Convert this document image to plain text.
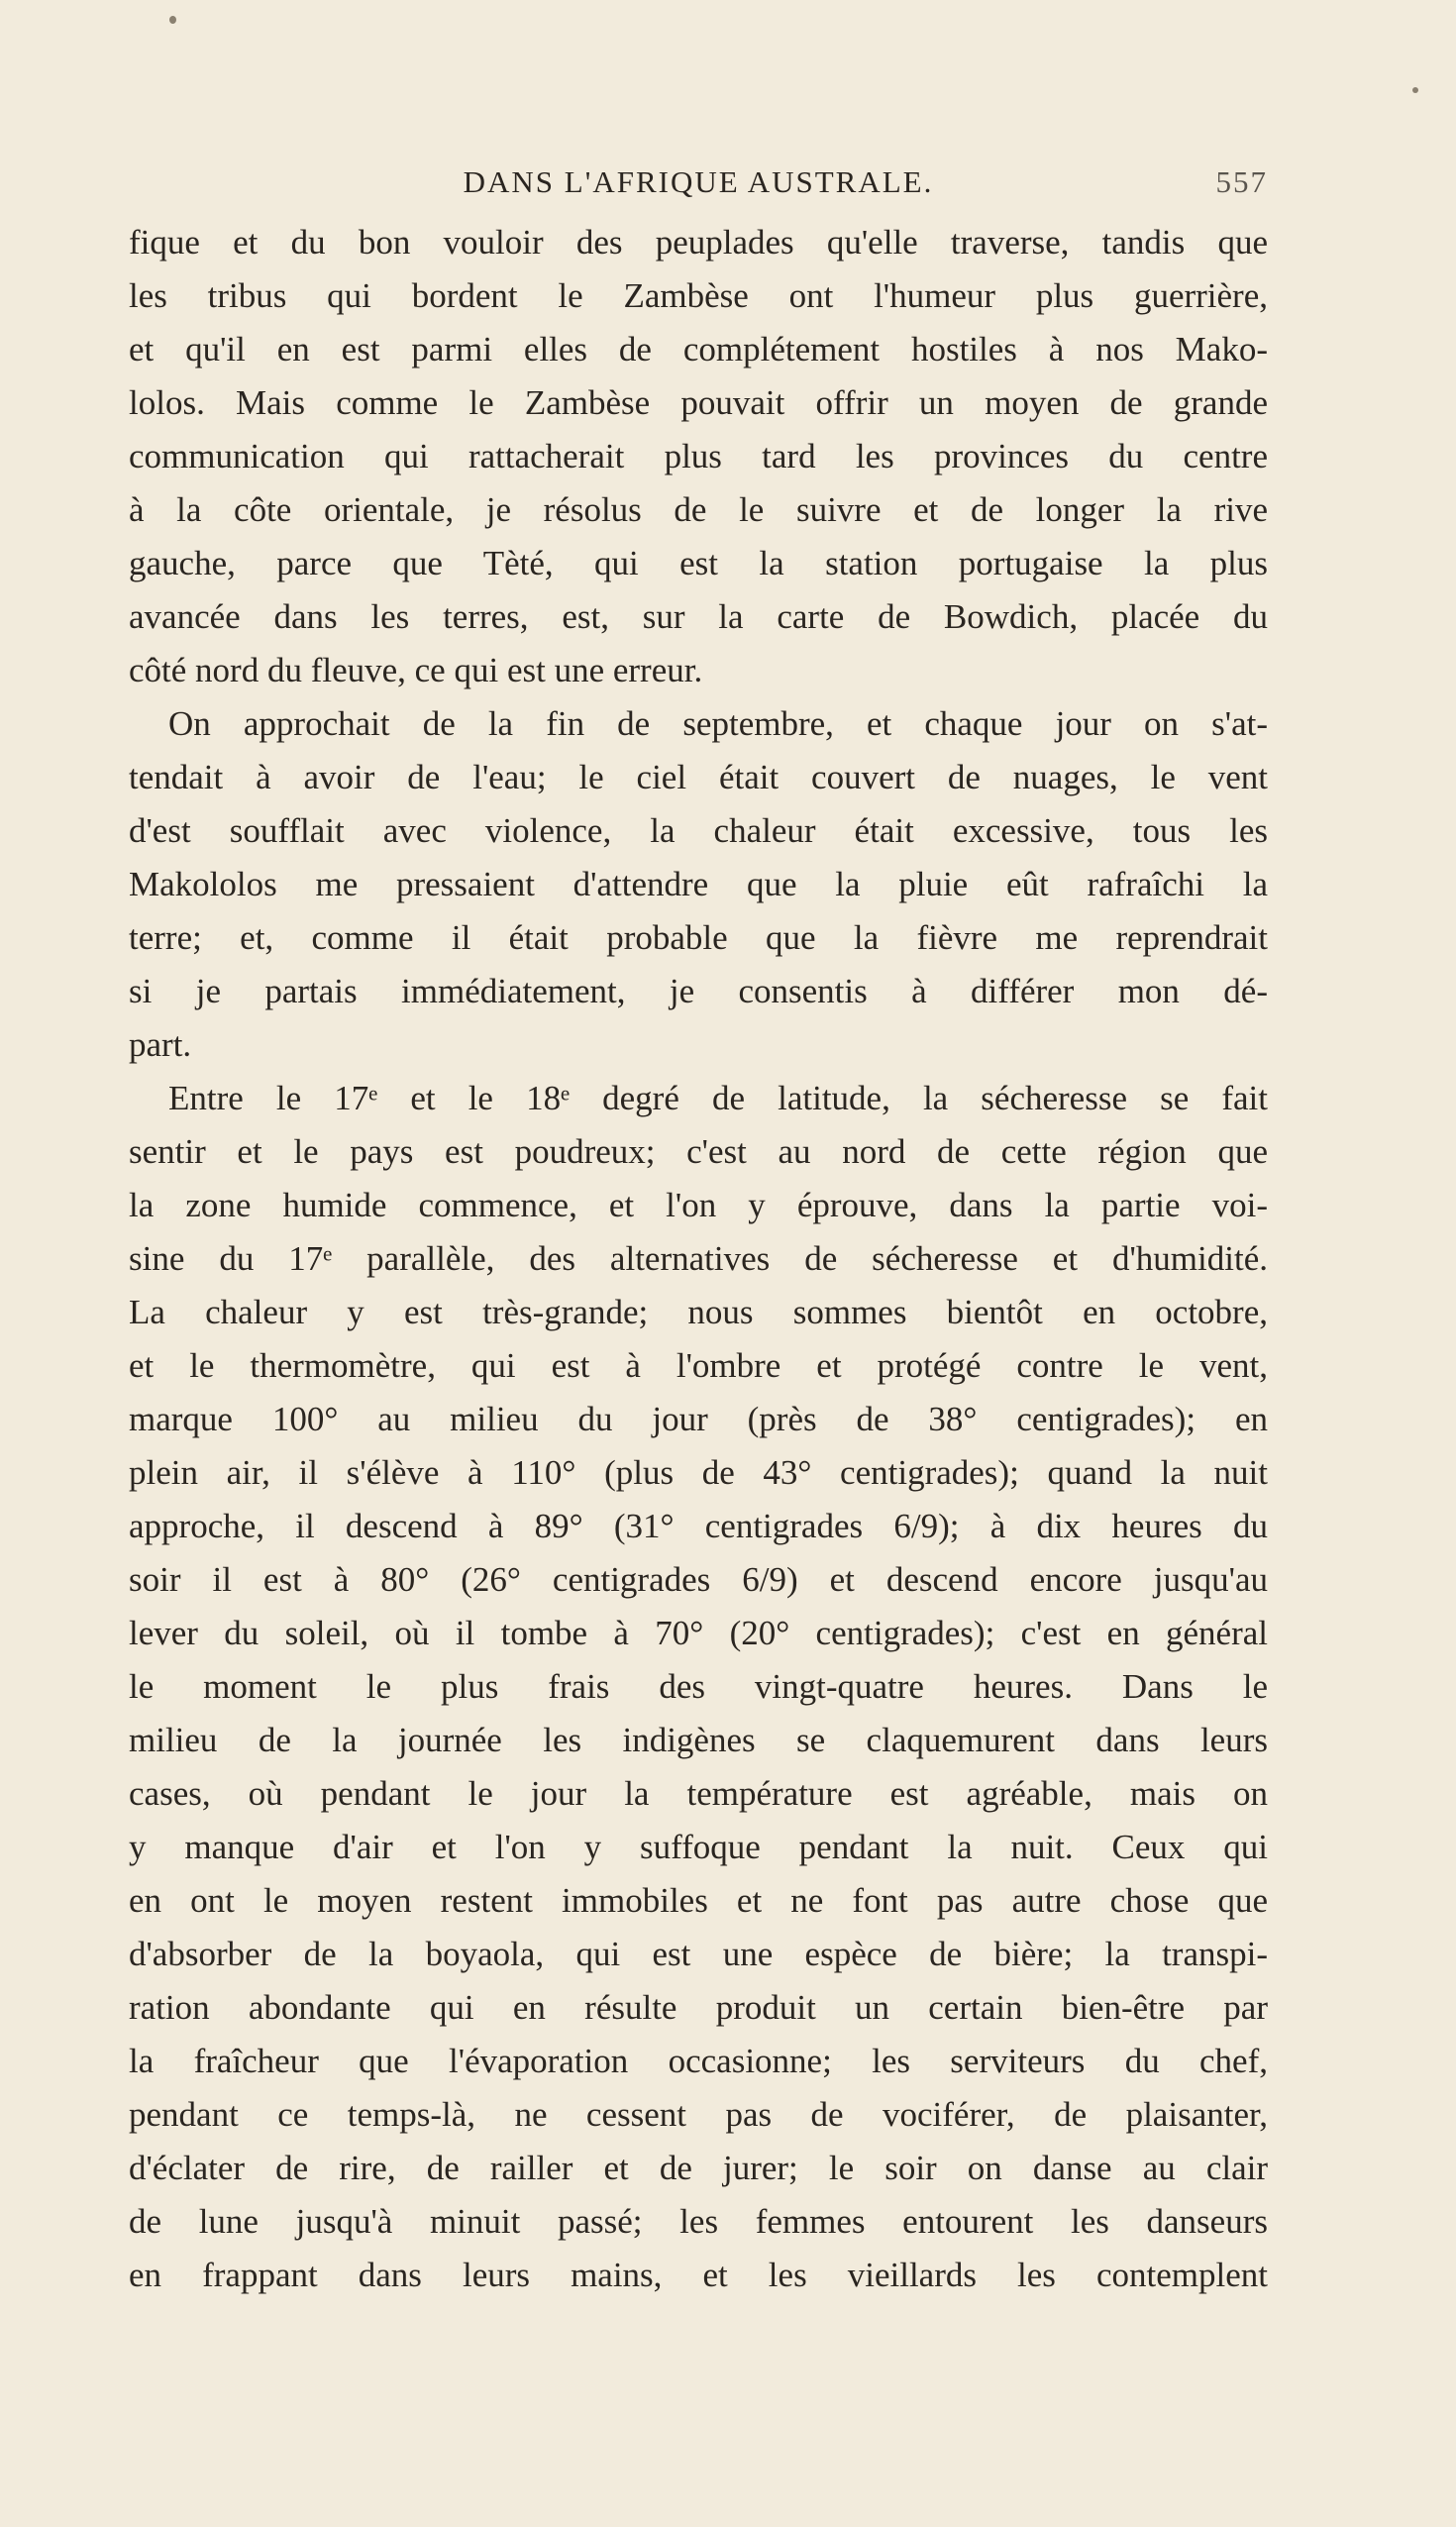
DANS L'AFRIQUE AUSTRALE.	557
fique et du bon vouloir des peuplades qu'elle traverse, tandis que
les tribus qui bordent le Zambèse ont l'humeur plus guerrière,
et qu'il en est parmi elles de complétement hostiles à nos Mako-
lolos. Mais comme le Zambèse pouvait offrir un moyen de grande
communication qui rattacherait plus tard les provinces du centre
à la côte orientale, je résolus de le suivre et de longer la rive
gauche, parce que Tèté, qui est la station portugaise la plus
avancée dans les terres, est, sur la carte de Bowdich, placée du
côté nord du fleuve, ce qui est une erreur.
On approchait de la fin de septembre, et chaque jour on s'at-
tendait à avoir de l'eau; le ciel était couvert de nuages, le vent
d'est soufflait avec violence, la chaleur était excessive, tous les
Makololos me pressaient d'attendre que la pluie eût rafraîchi la
terre; et, comme il était probable que la fièvre me reprendrait
si je partais immédiatement, je consentis à différer mon dé-
part.
Entre le 17ᵉ et le 18ᵉ degré de latitude, la sécheresse se fait
sentir et le pays est poudreux; c'est au nord de cette région que
la zone humide commence, et l'on y éprouve, dans la partie voi-
sine du 17ᵉ parallèle, des alternatives de sécheresse et d'humidité.
La chaleur y est très-grande; nous sommes bientôt en octobre,
et le thermomètre, qui est à l'ombre et protégé contre le vent,
marque 100° au milieu du jour (près de 38° centigrades); en
plein air, il s'élève à 110° (plus de 43° centigrades); quand la nuit
approche, il descend à 89° (31° centigrades 6/9); à dix heures du
soir il est à 80° (26° centigrades 6/9) et descend encore jusqu'au
lever du soleil, où il tombe à 70° (20° centigrades); c'est en général
le moment le plus frais des vingt-quatre heures. Dans le
milieu de la journée les indigènes se claquemurent dans leurs
cases, où pendant le jour la température est agréable, mais on
y manque d'air et l'on y suffoque pendant la nuit. Ceux qui
en ont le moyen restent immobiles et ne font pas autre chose que
d'absorber de la boyaola, qui est une espèce de bière; la transpi-
ration abondante qui en résulte produit un certain bien-être par
la fraîcheur que l'évaporation occasionne; les serviteurs du chef,
pendant ce temps-là, ne cessent pas de vociférer, de plaisanter,
d'éclater de rire, de railler et de jurer; le soir on danse au clair
de lune jusqu'à minuit passé; les femmes entourent les danseurs
en frappant dans leurs mains, et les vieillards les contemplent
